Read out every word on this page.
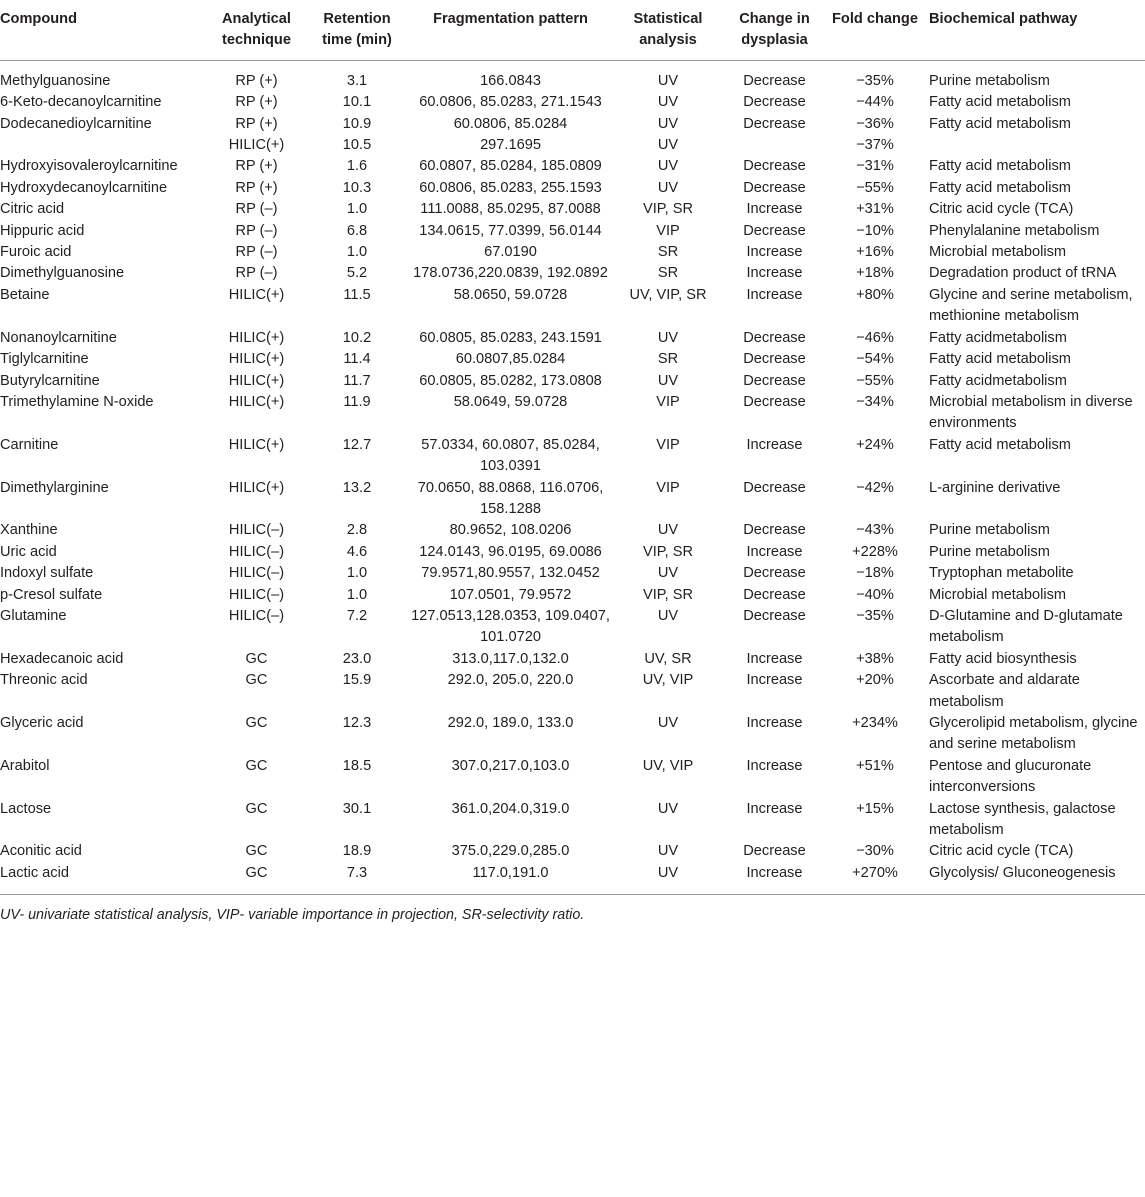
Compound	Analytical technique	Retention time (min)	Fragmentation pattern	Statistical analysis	Change in dysplasia	Fold change	Biochemical pathway
Methylguanosine	RP (+)	3.1	166.0843	UV	Decrease	−35%	Purine metabolism
6-Keto-decanoylcarnitine	RP (+)	10.1	60.0806, 85.0283, 271.1543	UV	Decrease	−44%	Fatty acid metabolism
Dodecanedioylcarnitine	RP (+)	10.9	60.0806, 85.0284	UV	Decrease	−36%	Fatty acid metabolism
	HILIC(+)	10.5	297.1695	UV		−37%	
Hydroxyisovaleroylcarnitine	RP (+)	1.6	60.0807, 85.0284, 185.0809	UV	Decrease	−31%	Fatty acid metabolism
Hydroxydecanoylcarnitine	RP (+)	10.3	60.0806, 85.0283, 255.1593	UV	Decrease	−55%	Fatty acid metabolism
Citric acid	RP (–)	1.0	111.0088, 85.0295, 87.0088	VIP, SR	Increase	+31%	Citric acid cycle (TCA)
Hippuric acid	RP (–)	6.8	134.0615, 77.0399, 56.0144	VIP	Decrease	−10%	Phenylalanine metabolism
Furoic acid	RP (–)	1.0	67.0190	SR	Increase	+16%	Microbial metabolism
Dimethylguanosine	RP (–)	5.2	178.0736,220.0839, 192.0892	SR	Increase	+18%	Degradation product of tRNA
Betaine	HILIC(+)	11.5	58.0650, 59.0728	UV, VIP, SR	Increase	+80%	Glycine and serine metabolism, methionine metabolism
Nonanoylcarnitine	HILIC(+)	10.2	60.0805, 85.0283, 243.1591	UV	Decrease	−46%	Fatty acidmetabolism
Tiglylcarnitine	HILIC(+)	11.4	60.0807,85.0284	SR	Decrease	−54%	Fatty acid metabolism
Butyrylcarnitine	HILIC(+)	11.7	60.0805, 85.0282, 173.0808	UV	Decrease	−55%	Fatty acidmetabolism
Trimethylamine N-oxide	HILIC(+)	11.9	58.0649, 59.0728	VIP	Decrease	−34%	Microbial metabolism in diverse environments
Carnitine	HILIC(+)	12.7	57.0334, 60.0807, 85.0284, 103.0391	VIP	Increase	+24%	Fatty acid metabolism
Dimethylarginine	HILIC(+)	13.2	70.0650, 88.0868, 116.0706, 158.1288	VIP	Decrease	−42%	L-arginine derivative
Xanthine	HILIC(–)	2.8	80.9652, 108.0206	UV	Decrease	−43%	Purine metabolism
Uric acid	HILIC(–)	4.6	124.0143, 96.0195, 69.0086	VIP, SR	Increase	+228%	Purine metabolism
Indoxyl sulfate	HILIC(–)	1.0	79.9571,80.9557, 132.0452	UV	Decrease	−18%	Tryptophan metabolite
p-Cresol sulfate	HILIC(–)	1.0	107.0501, 79.9572	VIP, SR	Decrease	−40%	Microbial metabolism
Glutamine	HILIC(–)	7.2	127.0513,128.0353, 109.0407, 101.0720	UV	Decrease	−35%	D-Glutamine and D-glutamate metabolism
Hexadecanoic acid	GC	23.0	313.0,117.0,132.0	UV, SR	Increase	+38%	Fatty acid biosynthesis
Threonic acid	GC	15.9	292.0, 205.0, 220.0	UV, VIP	Increase	+20%	Ascorbate and aldarate metabolism
Glyceric acid	GC	12.3	292.0, 189.0, 133.0	UV	Increase	+234%	Glycerolipid metabolism, glycine and serine metabolism
Arabitol	GC	18.5	307.0,217.0,103.0	UV, VIP	Increase	+51%	Pentose and glucuronate interconversions
Lactose	GC	30.1	361.0,204.0,319.0	UV	Increase	+15%	Lactose synthesis, galactose metabolism
Aconitic acid	GC	18.9	375.0,229.0,285.0	UV	Decrease	−30%	Citric acid cycle (TCA)
Lactic acid	GC	7.3	117.0,191.0	UV	Increase	+270%	Glycolysis/ Gluconeogenesis
UV- univariate statistical analysis, VIP- variable importance in projection, SR-selectivity ratio.
